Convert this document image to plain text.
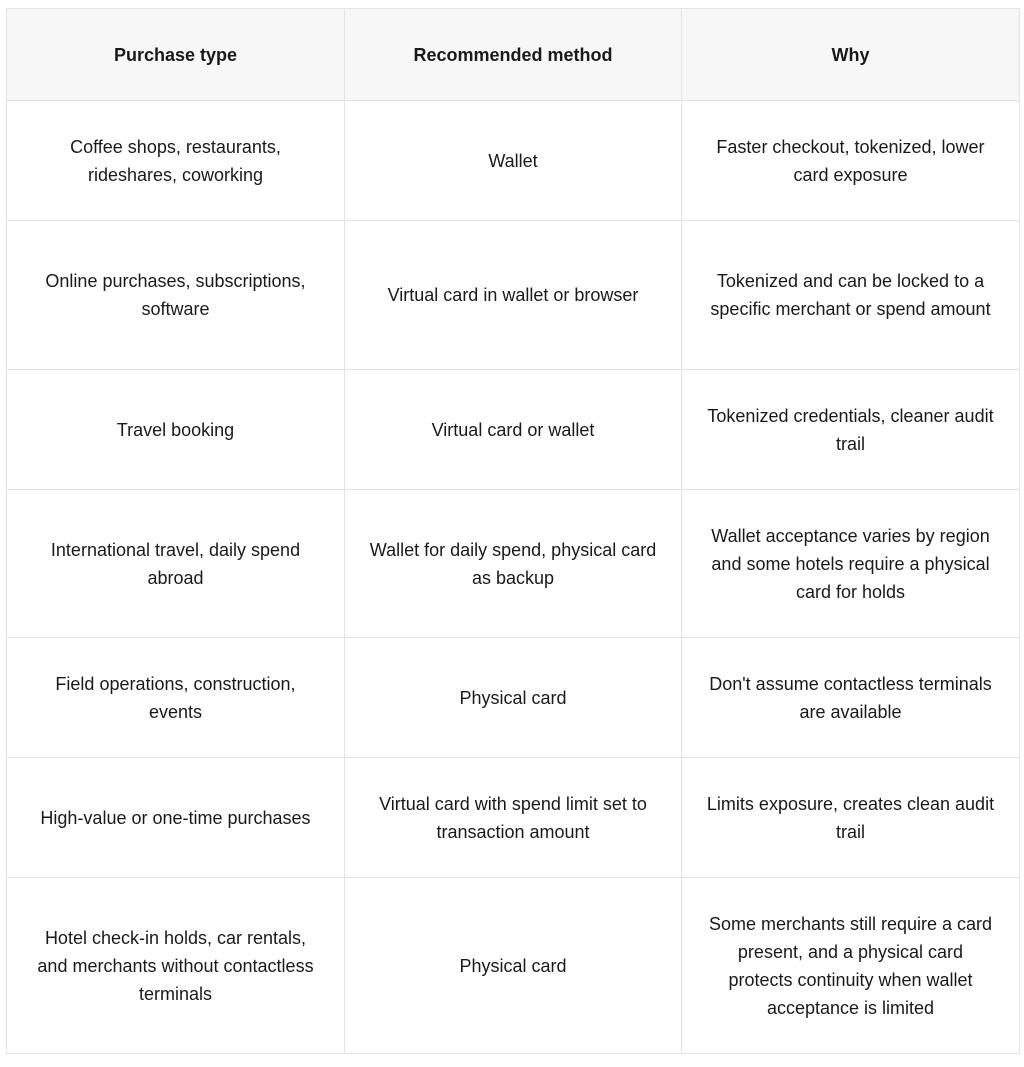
Purchase type	Recommended method	Why
Coffee shops, restaurants, rideshares, coworking	Wallet	Faster checkout, tokenized, lower card exposure
Online purchases, subscriptions, software	Virtual card in wallet or browser	Tokenized and can be locked to a specific merchant or spend amount
Travel booking	Virtual card or wallet	Tokenized credentials, cleaner audit trail
International travel, daily spend abroad	Wallet for daily spend, physical card as backup	Wallet acceptance varies by region and some hotels require a physical card for holds
Field operations, construction, events	Physical card	Don't assume contactless terminals are available
High-value or one-time purchases	Virtual card with spend limit set to transaction amount	Limits exposure, creates clean audit trail
Hotel check-in holds, car rentals, and merchants without contactless terminals	Physical card	Some merchants still require a card present, and a physical card protects continuity when wallet acceptance is limited
